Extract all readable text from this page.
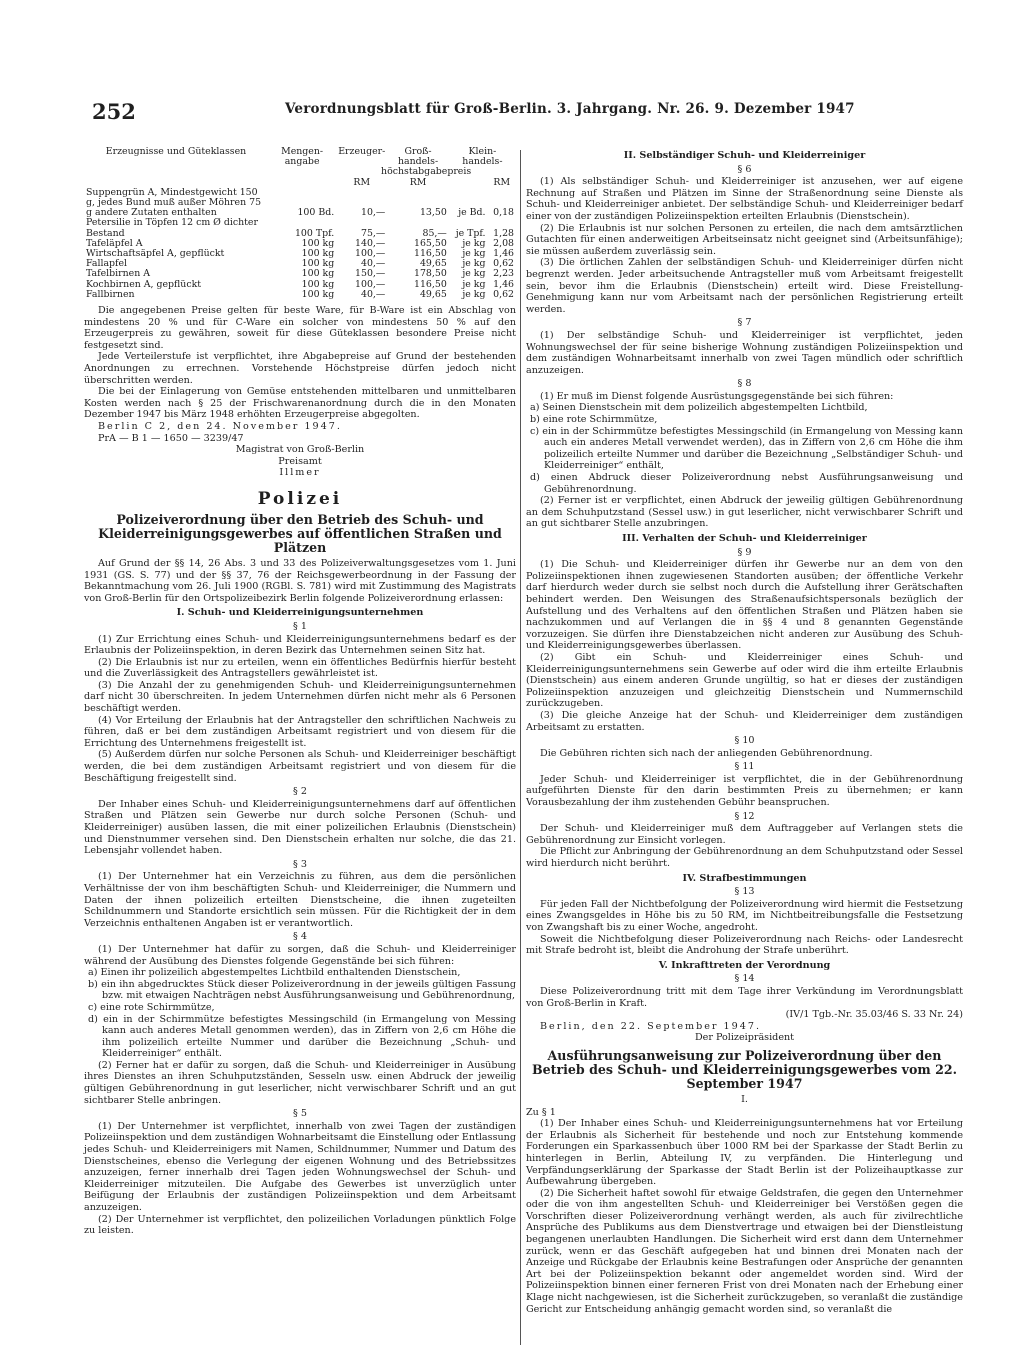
252	Verordnungsblatt für Groß-Berlin. 3. Jahrgang. Nr. 26. 9. Dezember 1947
Erzeugnisse und Güteklassen	Mengen-angabe	Erzeuger-	Groß-handels-	Klein-handels-	
		höchstabgabepreis			
		RM	RM		RM
Suppengrün A, Mindestgewicht 150 g, jedes Bund muß außer Möhren 75 g andere Zutaten enthalten	100 Bd.	10,—	13,50	je Bd.	0,18
Petersilie in Töpfen 12 cm Ø dichter Bestand	100 Tpf.	75,—	85,—	je Tpf.	1,28
Tafeläpfel A	100 kg	140,—	165,50	je kg	2,08
Wirtschaftsäpfel A, gepflückt	100 kg	100,—	116,50	je kg	1,46
Fallapfel	100 kg	40,—	49,65	je kg	0,62
Tafelbirnen A	100 kg	150,—	178,50	je kg	2,23
Kochbirnen A, gepflückt	100 kg	100,—	116,50	je kg	1,46
Fallbirnen	100 kg	40,—	49,65	je kg	0,62

Die angegebenen Preise gelten für beste Ware, für B-Ware ist ein Abschlag von mindestens 20 % und für C-Ware ein solcher von mindestens 50 % auf den Erzeugerpreis zu gewähren, soweit für diese Güteklassen besondere Preise nicht festgesetzt sind.

Jede Verteilerstufe ist verpflichtet, ihre Abgabepreise auf Grund der bestehenden Anordnungen zu errechnen. Vorstehende Höchstpreise dürfen jedoch nicht überschritten werden.

Die bei der Einlagerung von Gemüse entstehenden mittelbaren und unmittelbaren Kosten werden nach § 25 der Frischwarenanordnung durch die in den Monaten Dezember 1947 bis März 1948 erhöhten Erzeugerpreise abgegolten.

Berlin C 2, den 24. November 1947.

PrA — B 1 — 1650 — 3239/47

Magistrat von Groß-Berlin

Preisamt

Illmer

Polizei
Polizeiverordnung über den Betrieb des Schuh- und Kleiderreinigungsgewerbes auf öffentlichen Straßen und Plätzen

Auf Grund der §§ 14, 26 Abs. 3 und 33 des Polizeiverwaltungsgesetzes vom 1. Juni 1931 (GS. S. 77) und der §§ 37, 76 der Reichsgewerbeordnung in der Fassung der Bekanntmachung vom 26. Juli 1900 (RGBl. S. 781) wird mit Zustimmung des Magistrats von Groß-Berlin für den Ortspolizeibezirk Berlin folgende Polizeiverordnung erlassen:

I. Schuh- und Kleiderreinigungsunternehmen
§ 1

(1) Zur Errichtung eines Schuh- und Kleiderreinigungsunternehmens bedarf es der Erlaubnis der Polizeiinspektion, in deren Bezirk das Unternehmen seinen Sitz hat.

(2) Die Erlaubnis ist nur zu erteilen, wenn ein öffentliches Bedürfnis hierfür besteht und die Zuverlässigkeit des Antragstellers gewährleistet ist.

(3) Die Anzahl der zu genehmigenden Schuh- und Kleiderreinigungsunternehmen darf nicht 30 überschreiten. In jedem Unternehmen dürfen nicht mehr als 6 Personen beschäftigt werden.

(4) Vor Erteilung der Erlaubnis hat der Antragsteller den schriftlichen Nachweis zu führen, daß er bei dem zuständigen Arbeitsamt registriert und von diesem für die Errichtung des Unternehmens freigestellt ist.

(5) Außerdem dürfen nur solche Personen als Schuh- und Kleiderreiniger beschäftigt werden, die bei dem zuständigen Arbeitsamt registriert und von diesem für die Beschäftigung freigestellt sind.

§ 2

Der Inhaber eines Schuh- und Kleiderreinigungsunternehmens darf auf öffentlichen Straßen und Plätzen sein Gewerbe nur durch solche Personen (Schuh- und Kleiderreiniger) ausüben lassen, die mit einer polizeilichen Erlaubnis (Dienstschein) und Dienstnummer versehen sind. Den Dienstschein erhalten nur solche, die das 21. Lebensjahr vollendet haben.

§ 3

(1) Der Unternehmer hat ein Verzeichnis zu führen, aus dem die persönlichen Verhältnisse der von ihm beschäftigten Schuh- und Kleiderreiniger, die Nummern und Daten der ihnen polizeilich erteilten Dienstscheine, die ihnen zugeteilten Schildnummern und Standorte ersichtlich sein müssen. Für die Richtigkeit der in dem Verzeichnis enthaltenen Angaben ist er verantwortlich.

§ 4

(1) Der Unternehmer hat dafür zu sorgen, daß die Schuh- und Kleiderreiniger während der Ausübung des Dienstes folgende Gegenstände bei sich führen:

a) Einen ihr polizeilich abgestempeltes Lichtbild enthaltenden Dienstschein,

b) ein ihn abgedrucktes Stück dieser Polizeiverordnung in der jeweils gültigen Fassung bzw. mit etwaigen Nachträgen nebst Ausführungsanweisung und Gebührenordnung,

c) eine rote Schirmmütze,

d) ein in der Schirmmütze befestigtes Messingschild (in Ermangelung von Messing kann auch anderes Metall genommen werden), das in Ziffern von 2,6 cm Höhe die ihm polizeilich erteilte Nummer und darüber die Bezeichnung „Schuh- und Kleiderreiniger“ enthält.

(2) Ferner hat er dafür zu sorgen, daß die Schuh- und Kleiderreiniger in Ausübung ihres Dienstes an ihren Schuhputzständen, Sesseln usw. einen Abdruck der jeweilig gültigen Gebührenordnung in gut leserlicher, nicht verwischbarer Schrift und an gut sichtbarer Stelle anbringen.

§ 5

(1) Der Unternehmer ist verpflichtet, innerhalb von zwei Tagen der zuständigen Polizeiinspektion und dem zuständigen Wohnarbeitsamt die Einstellung oder Entlassung jedes Schuh- und Kleiderreinigers mit Namen, Schildnummer, Nummer und Datum des Dienstscheines, ebenso die Verlegung der eigenen Wohnung und des Betriebssitzes anzuzeigen, ferner innerhalb drei Tagen jeden Wohnungswechsel der Schuh- und Kleiderreiniger mitzuteilen. Die Aufgabe des Gewerbes ist unverzüglich unter Beifügung der Erlaubnis der zuständigen Polizeiinspektion und dem Arbeitsamt anzuzeigen.

(2) Der Unternehmer ist verpflichtet, den polizeilichen Vorladungen pünktlich Folge zu leisten.

II. Selbständiger Schuh- und Kleiderreiniger
§ 6

(1) Als selbständiger Schuh- und Kleiderreiniger ist anzusehen, wer auf eigene Rechnung auf Straßen und Plätzen im Sinne der Straßenordnung seine Dienste als Schuh- und Kleiderreiniger anbietet. Der selbständige Schuh- und Kleiderreiniger bedarf einer von der zuständigen Polizeiinspektion erteilten Erlaubnis (Dienstschein).

(2) Die Erlaubnis ist nur solchen Personen zu erteilen, die nach dem amtsärztlichen Gutachten für einen anderweitigen Arbeitseinsatz nicht geeignet sind (Arbeitsunfähige); sie müssen außerdem zuverlässig sein.

(3) Die örtlichen Zahlen der selbständigen Schuh- und Kleiderreiniger dürfen nicht begrenzt werden. Jeder arbeitsuchende Antragsteller muß vom Arbeitsamt freigestellt sein, bevor ihm die Erlaubnis (Dienstschein) erteilt wird. Diese Freistellung-Genehmigung kann nur vom Arbeitsamt nach der persönlichen Registrierung erteilt werden.

§ 7

(1) Der selbständige Schuh- und Kleiderreiniger ist verpflichtet, jeden Wohnungswechsel der für seine bisherige Wohnung zuständigen Polizeiinspektion und dem zuständigen Wohnarbeitsamt innerhalb von zwei Tagen mündlich oder schriftlich anzuzeigen.

§ 8

(1) Er muß im Dienst folgende Ausrüstungsgegenstände bei sich führen:

a) Seinen Dienstschein mit dem polizeilich abgestempelten Lichtbild,

b) eine rote Schirmmütze,

c) ein in der Schirmmütze befestigtes Messingschild (in Ermangelung von Messing kann auch ein anderes Metall verwendet werden), das in Ziffern von 2,6 cm Höhe die ihm polizeilich erteilte Nummer und darüber die Bezeichnung „Selbständiger Schuh- und Kleiderreiniger“ enthält,

d) einen Abdruck dieser Polizeiverordnung nebst Ausführungsanweisung und Gebührenordnung.

(2) Ferner ist er verpflichtet, einen Abdruck der jeweilig gültigen Gebührenordnung an dem Schuhputzstand (Sessel usw.) in gut leserlicher, nicht verwischbarer Schrift und an gut sichtbarer Stelle anzubringen.

III. Verhalten der Schuh- und Kleiderreiniger
§ 9

(1) Die Schuh- und Kleiderreiniger dürfen ihr Gewerbe nur an dem von den Polizeiinspektionen ihnen zugewiesenen Standorten ausüben; der öffentliche Verkehr darf hierdurch weder durch sie selbst noch durch die Aufstellung ihrer Gerätschaften behindert werden. Den Weisungen des Straßenaufsichtspersonals bezüglich der Aufstellung und des Verhaltens auf den öffentlichen Straßen und Plätzen haben sie nachzukommen und auf Verlangen die in §§ 4 und 8 genannten Gegenstände vorzuzeigen. Sie dürfen ihre Dienstabzeichen nicht anderen zur Ausübung des Schuh- und Kleiderreinigungsgewerbes überlassen.

(2) Gibt ein Schuh- und Kleiderreiniger eines Schuh- und Kleiderreinigungsunternehmens sein Gewerbe auf oder wird die ihm erteilte Erlaubnis (Dienstschein) aus einem anderen Grunde ungültig, so hat er dieses der zuständigen Polizeiinspektion anzuzeigen und gleichzeitig Dienstschein und Nummernschild zurückzugeben.

(3) Die gleiche Anzeige hat der Schuh- und Kleiderreiniger dem zuständigen Arbeitsamt zu erstatten.

§ 10

Die Gebühren richten sich nach der anliegenden Gebührenordnung.

§ 11

Jeder Schuh- und Kleiderreiniger ist verpflichtet, die in der Gebührenordnung aufgeführten Dienste für den darin bestimmten Preis zu übernehmen; er kann Vorausbezahlung der ihm zustehenden Gebühr beanspruchen.

§ 12

Der Schuh- und Kleiderreiniger muß dem Auftraggeber auf Verlangen stets die Gebührenordnung zur Einsicht vorlegen.

Die Pflicht zur Anbringung der Gebührenordnung an dem Schuhputzstand oder Sessel wird hierdurch nicht berührt.

IV. Strafbestimmungen
§ 13

Für jeden Fall der Nichtbefolgung der Polizeiverordnung wird hiermit die Festsetzung eines Zwangsgeldes in Höhe bis zu 50 RM, im Nichtbeitreibungsfalle die Festsetzung von Zwangshaft bis zu einer Woche, angedroht.

Soweit die Nichtbefolgung dieser Polizeiverordnung nach Reichs- oder Landesrecht mit Strafe bedroht ist, bleibt die Androhung der Strafe unberührt.

V. Inkrafttreten der Verordnung
§ 14

Diese Polizeiverordnung tritt mit dem Tage ihrer Verkündung im Verordnungsblatt von Groß-Berlin in Kraft.

(IV/1 Tgb.-Nr. 35.03/46 S. 33 Nr. 24)

Berlin, den 22. September 1947.

Der Polizeipräsident

Ausführungsanweisung zur Polizeiverordnung über den Betrieb des Schuh- und Kleiderreinigungsgewerbes vom 22. September 1947
I.

Zu § 1

(1) Der Inhaber eines Schuh- und Kleiderreinigungsunternehmens hat vor Erteilung der Erlaubnis als Sicherheit für bestehende und noch zur Entstehung kommende Forderungen ein Sparkassenbuch über 1000 RM bei der Sparkasse der Stadt Berlin zu hinterlegen in Berlin, Abteilung IV, zu verpfänden. Die Hinterlegung und Verpfändungserklärung der Sparkasse der Stadt Berlin ist der Polizeihauptkasse zur Aufbewahrung übergeben.

(2) Die Sicherheit haftet sowohl für etwaige Geldstrafen, die gegen den Unternehmer oder die von ihm angestellten Schuh- und Kleiderreiniger bei Verstößen gegen die Vorschriften dieser Polizeiverordnung verhängt werden, als auch für zivilrechtliche Ansprüche des Publikums aus dem Dienstvertrage und etwaigen bei der Dienstleistung begangenen unerlaubten Handlungen. Die Sicherheit wird erst dann dem Unternehmer zurück, wenn er das Geschäft aufgegeben hat und binnen drei Monaten nach der Anzeige und Rückgabe der Erlaubnis keine Bestrafungen oder Ansprüche der genannten Art bei der Polizeiinspektion bekannt oder angemeldet worden sind. Wird der Polizeiinspektion binnen einer ferneren Frist von drei Monaten nach der Erhebung einer Klage nicht nachgewiesen, ist die Sicherheit zurückzugeben, so veranlaßt die zuständige Gericht zur Entscheidung anhängig gemacht worden sind, so veranlaßt die
